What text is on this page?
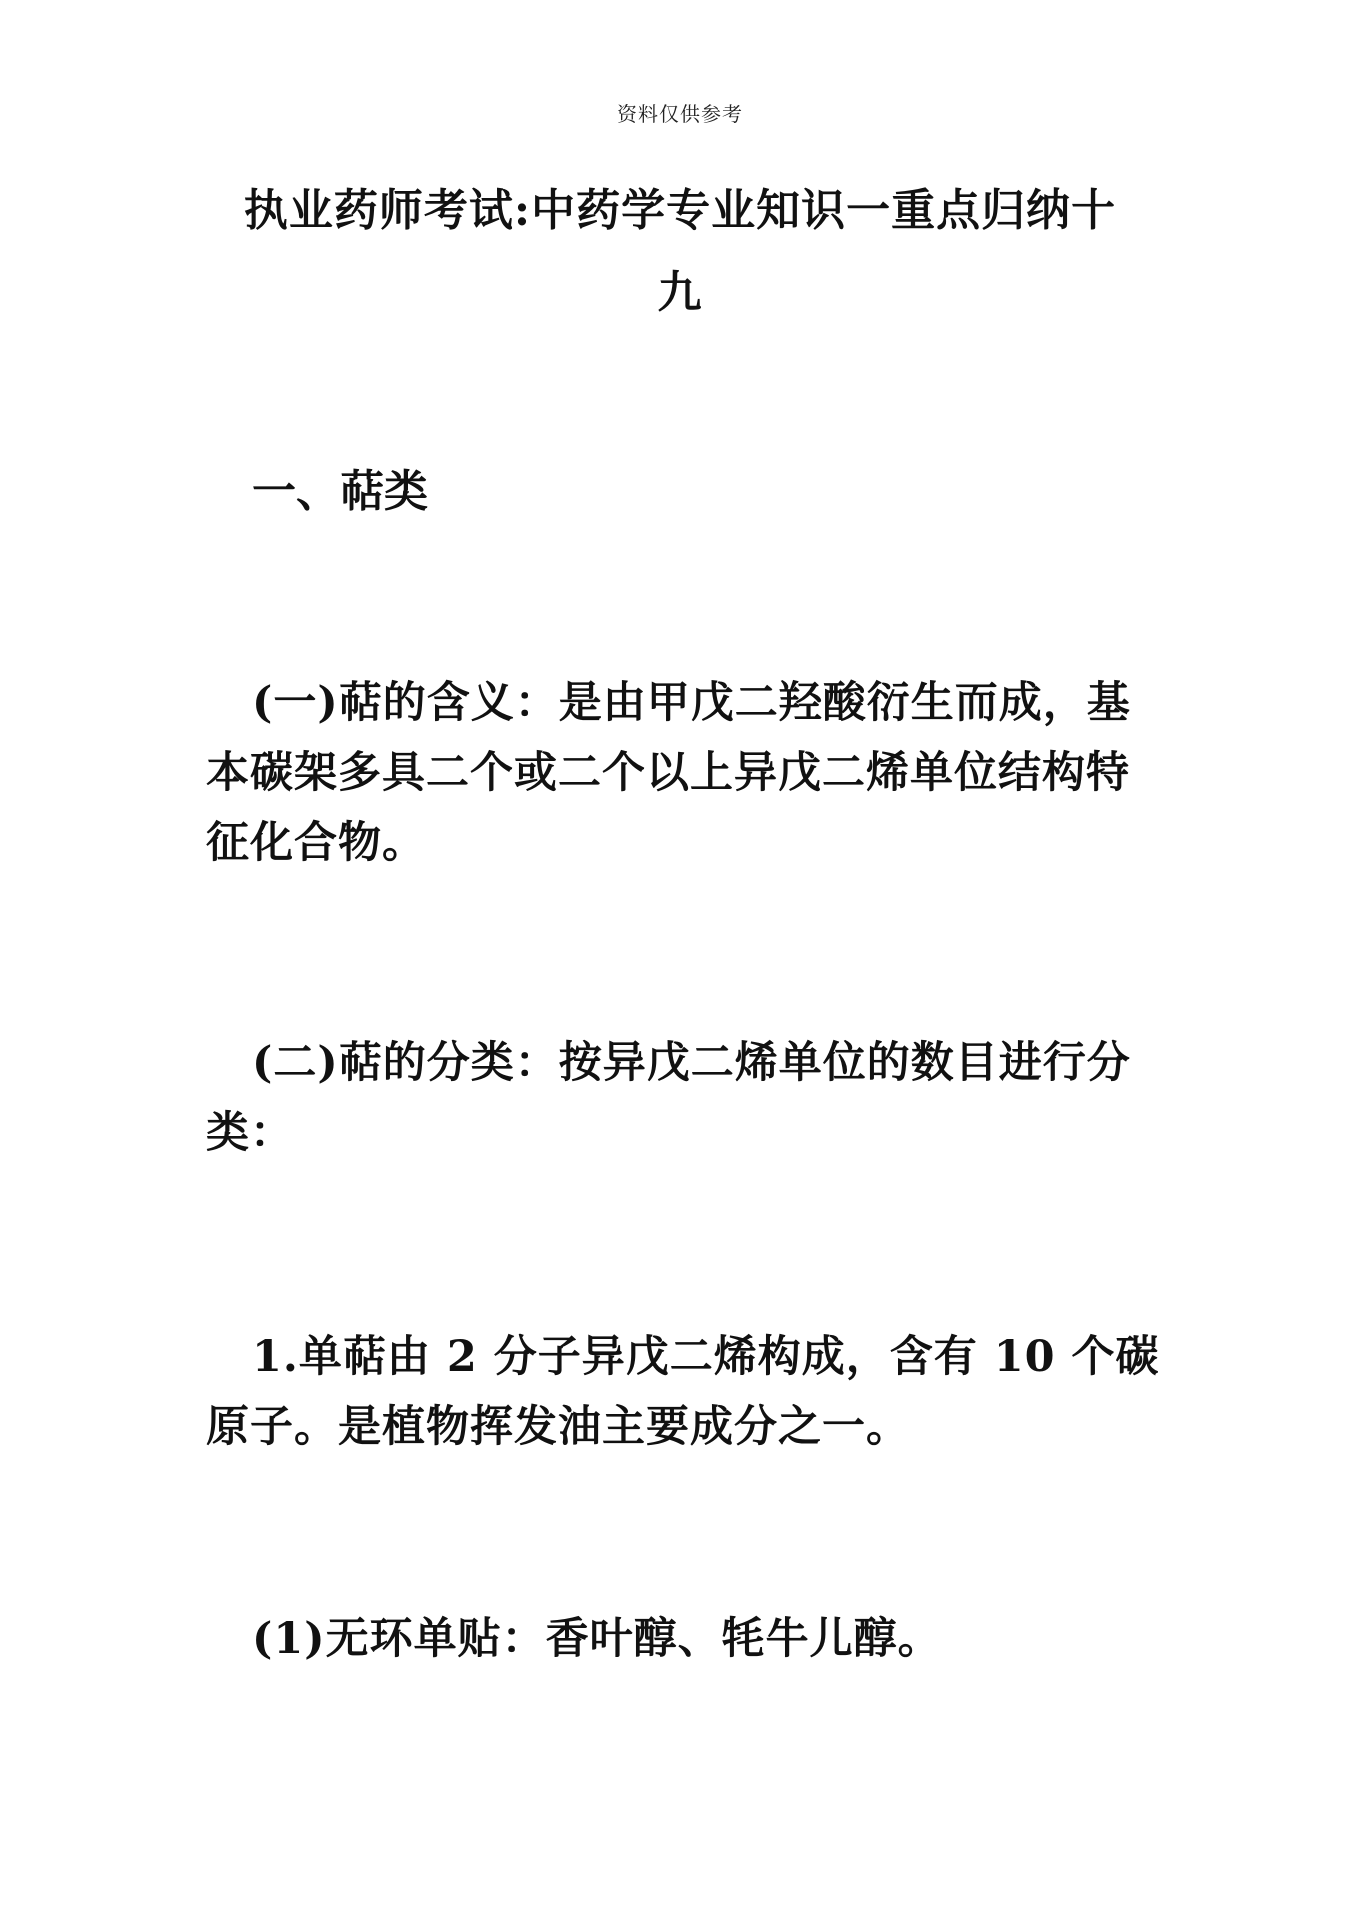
资料仅供参考
执业药师考试:中药学专业知识一重点归纳十九
一、萜类
(一)萜的含义：是由甲戊二羟酸衍生而成，基本碳架多具二个或二个以上异戊二烯单位结构特征化合物。
(二)萜的分类：按异戊二烯单位的数目进行分类：
1.单萜由 2 分子异戊二烯构成，含有 10 个碳原子。是植物挥发油主要成分之一。
(1)无环单贴：香叶醇、牦牛儿醇。
